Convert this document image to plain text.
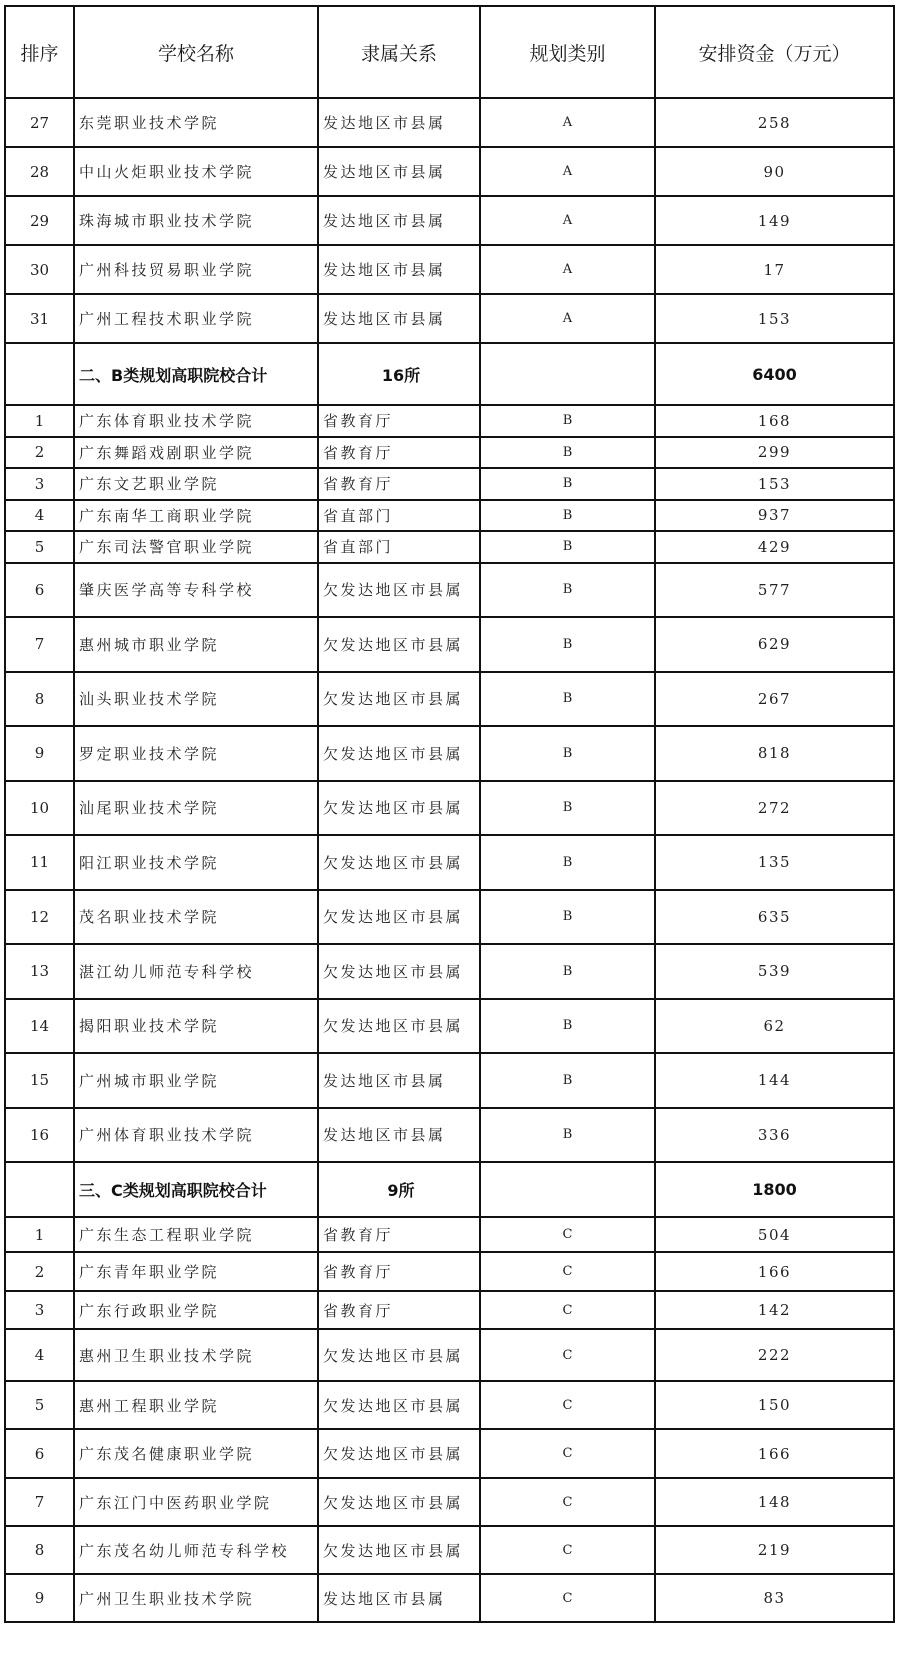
排序	学校名称	隶属关系	规划类别	安排资金（万元）
27	东莞职业技术学院	发达地区市县属	A	258
28	中山火炬职业技术学院	发达地区市县属	A	90
29	珠海城市职业技术学院	发达地区市县属	A	149
30	广州科技贸易职业学院	发达地区市县属	A	17
31	广州工程技术职业学院	发达地区市县属	A	153
	二、B类规划高职院校合计	16所		6400
1	广东体育职业技术学院	省教育厅	B	168
2	广东舞蹈戏剧职业学院	省教育厅	B	299
3	广东文艺职业学院	省教育厅	B	153
4	广东南华工商职业学院	省直部门	B	937
5	广东司法警官职业学院	省直部门	B	429
6	肇庆医学高等专科学校	欠发达地区市县属	B	577
7	惠州城市职业学院	欠发达地区市县属	B	629
8	汕头职业技术学院	欠发达地区市县属	B	267
9	罗定职业技术学院	欠发达地区市县属	B	818
10	汕尾职业技术学院	欠发达地区市县属	B	272
11	阳江职业技术学院	欠发达地区市县属	B	135
12	茂名职业技术学院	欠发达地区市县属	B	635
13	湛江幼儿师范专科学校	欠发达地区市县属	B	539
14	揭阳职业技术学院	欠发达地区市县属	B	62
15	广州城市职业学院	发达地区市县属	B	144
16	广州体育职业技术学院	发达地区市县属	B	336
	三、C类规划高职院校合计	9所		1800
1	广东生态工程职业学院	省教育厅	C	504
2	广东青年职业学院	省教育厅	C	166
3	广东行政职业学院	省教育厅	C	142
4	惠州卫生职业技术学院	欠发达地区市县属	C	222
5	惠州工程职业学院	欠发达地区市县属	C	150
6	广东茂名健康职业学院	欠发达地区市县属	C	166
7	广东江门中医药职业学院	欠发达地区市县属	C	148
8	广东茂名幼儿师范专科学校	欠发达地区市县属	C	219
9	广州卫生职业技术学院	发达地区市县属	C	83
